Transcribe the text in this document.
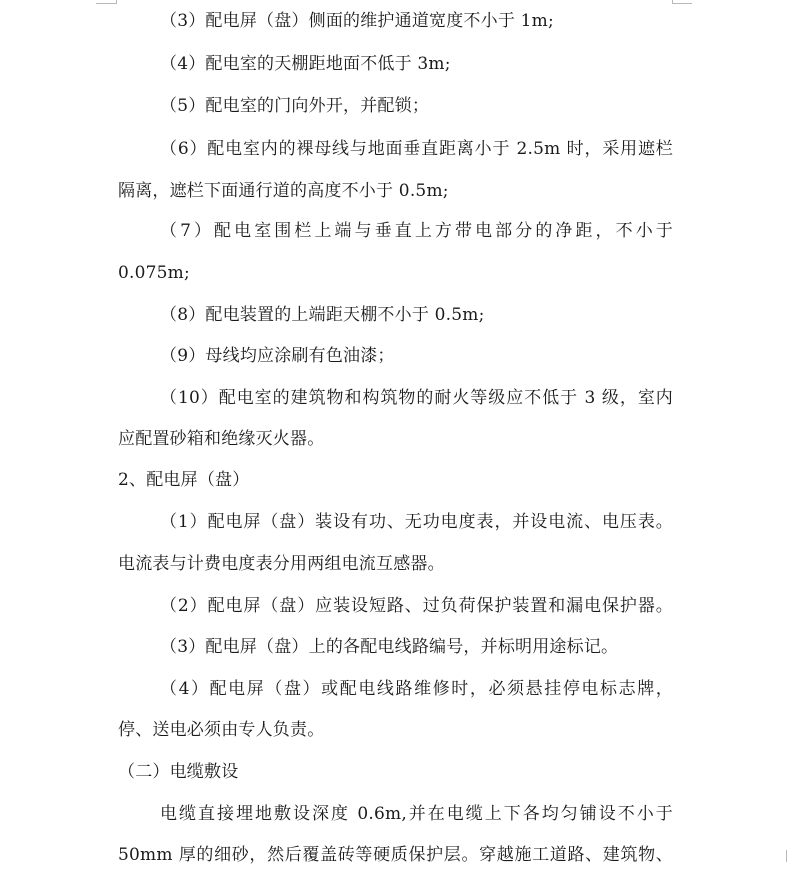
（3）配电屏（盘）侧面的维护通道宽度不小于 1m;
（4）配电室的天棚距地面不低于 3m;
（5）配电室的门向外开，并配锁；
（6）配电室内的裸母线与地面垂直距离小于 2.5m 时，采用遮栏
隔离，遮栏下面通行道的高度不小于 0.5m;
（7）配电室围栏上端与垂直上方带电部分的净距，不小于
0.075m;
（8）配电装置的上端距天棚不小于 0.5m;
（9）母线均应涂刷有色油漆；
（10）配电室的建筑物和构筑物的耐火等级应不低于 3 级，室内
应配置砂箱和绝缘灭火器。
2、配电屏（盘）
（1）配电屏（盘）装设有功、无功电度表，并设电流、电压表。
电流表与计费电度表分用两组电流互感器。
（2）配电屏（盘）应装设短路、过负荷保护装置和漏电保护器。
（3）配电屏（盘）上的各配电线路编号，并标明用途标记。
（4）配电屏（盘）或配电线路维修时，必须悬挂停电标志牌，
停、送电必须由专人负责。
（二）电缆敷设
电缆直接埋地敷设深度 0.6m,并在电缆上下各均匀铺设不小于
50mm 厚的细砂，然后覆盖砖等硬质保护层。穿越施工道路、建筑物、
